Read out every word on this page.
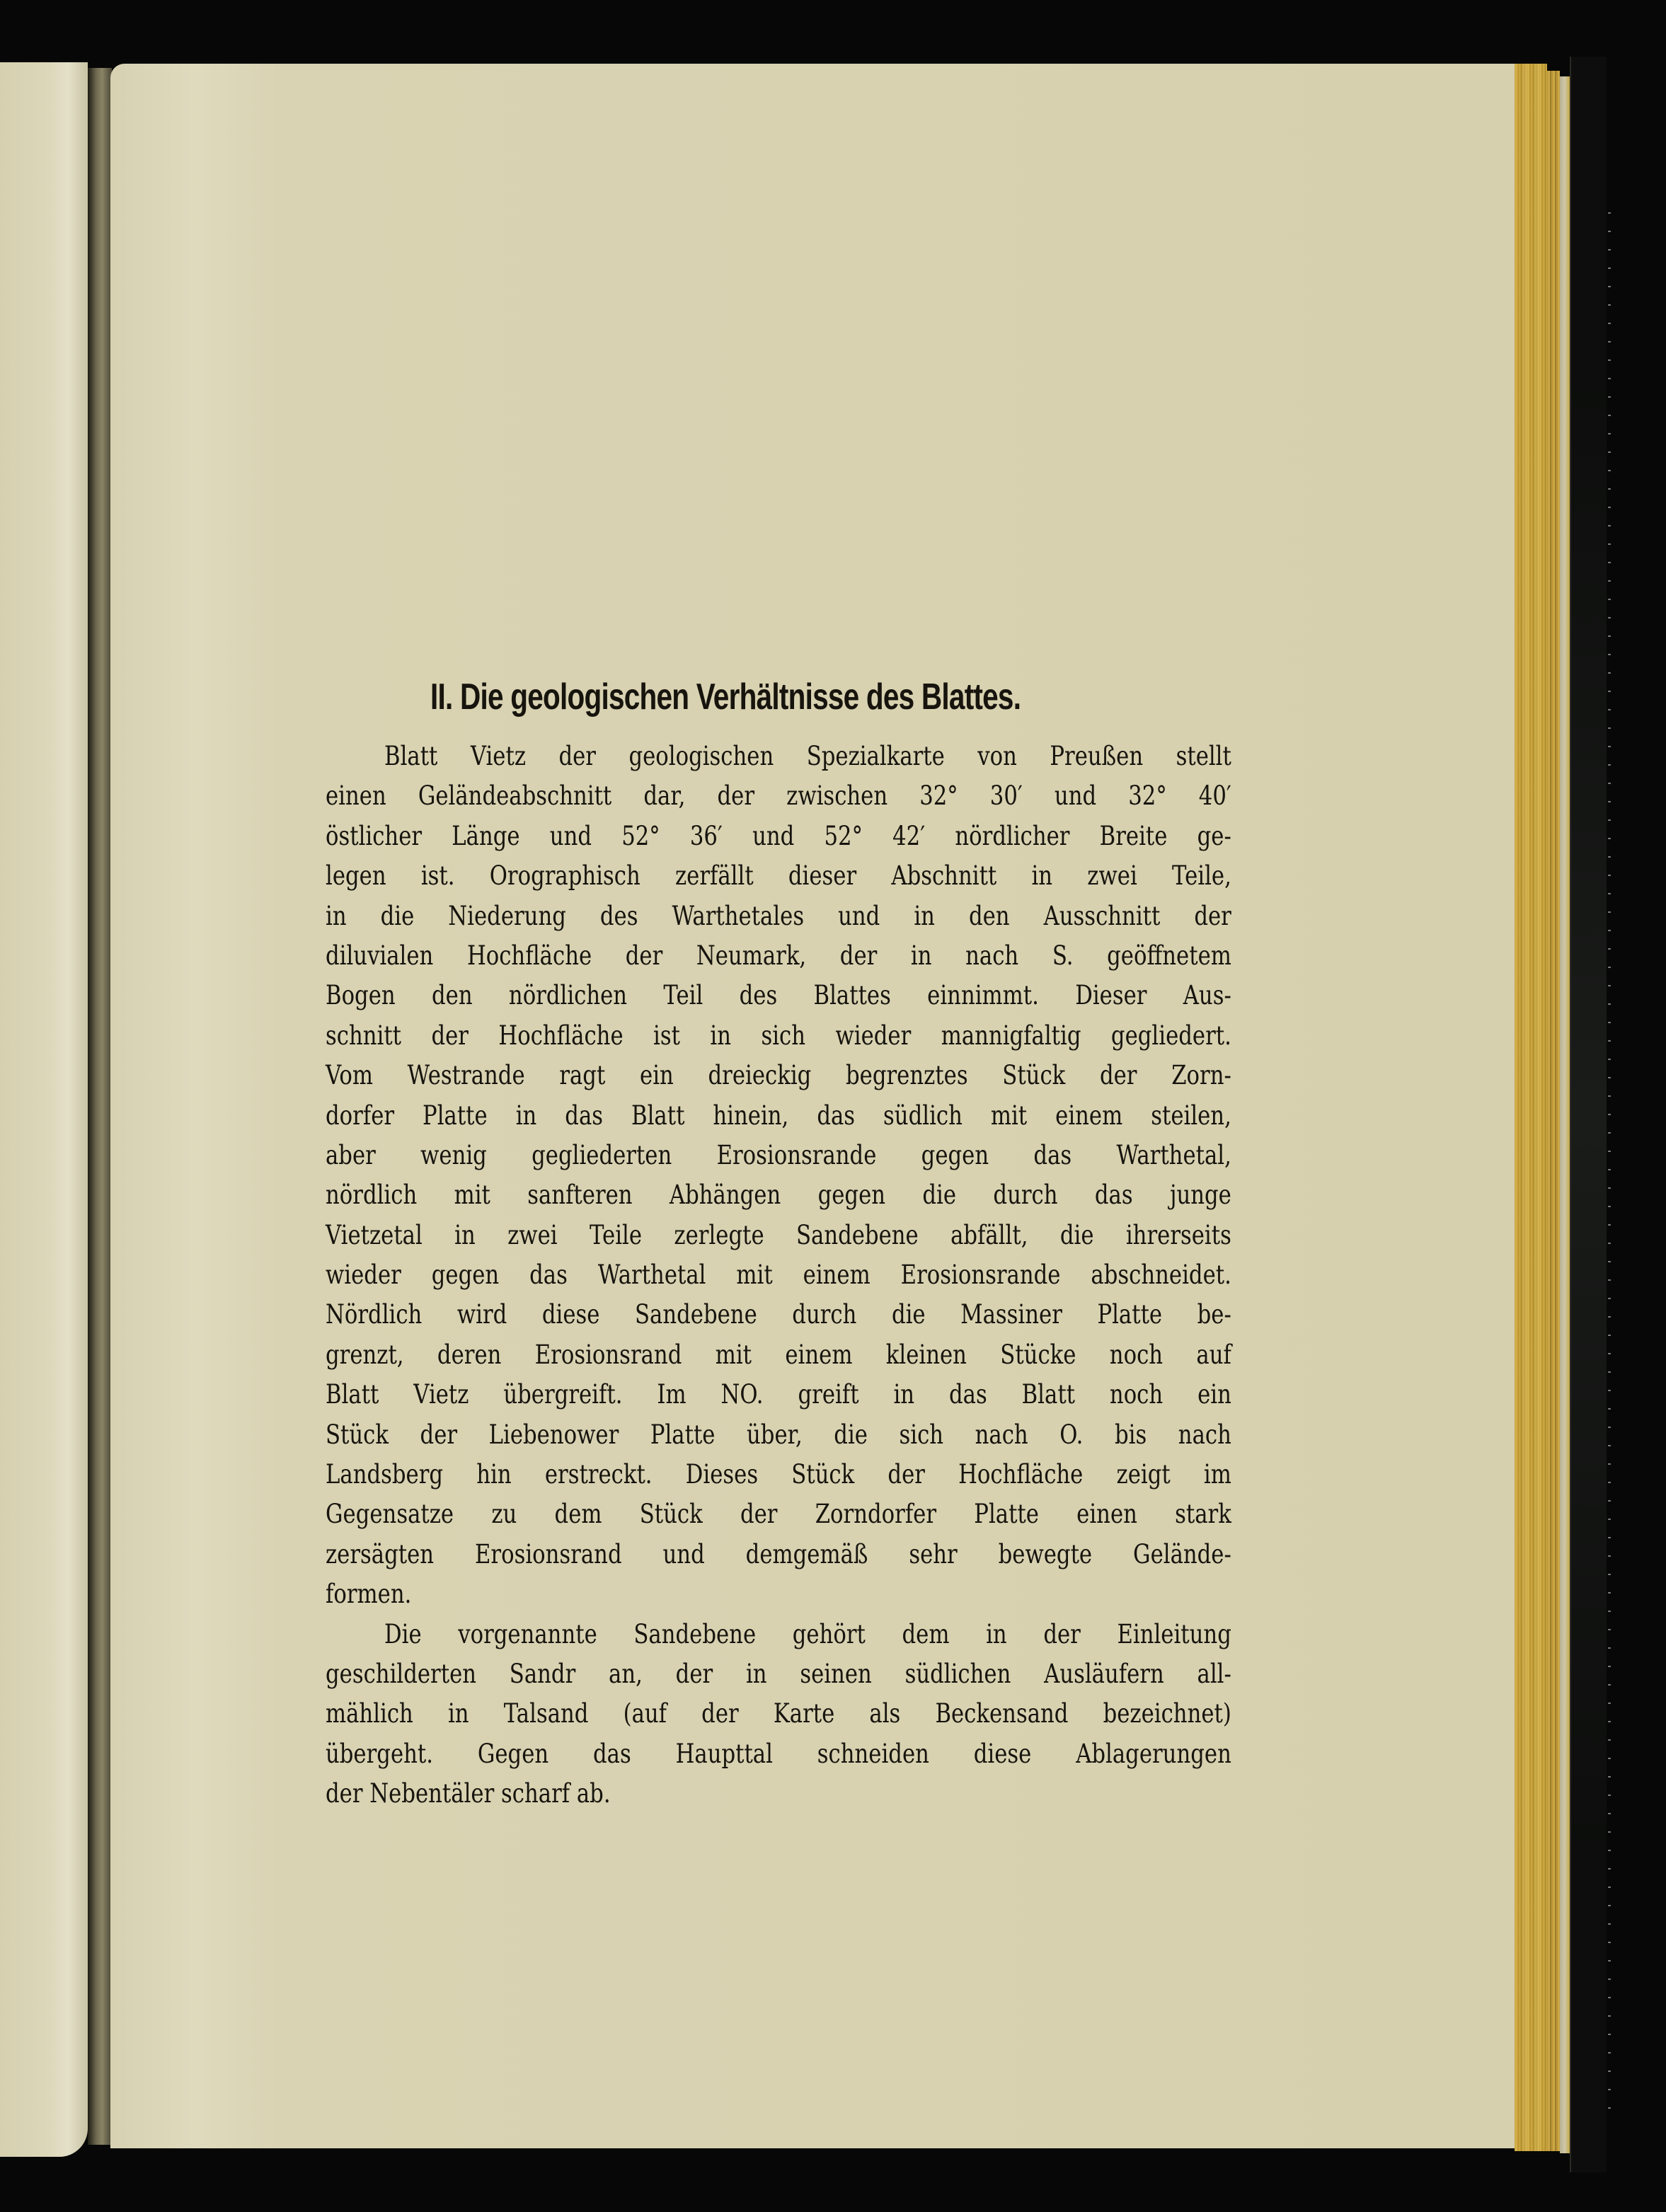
II. Die geologischen Verhältnisse des Blattes.
Blatt Vietz der geologischen Spezialkarte von Preußen stellt
einen Geländeabschnitt dar, der zwischen 32° 30′ und 32° 40′
östlicher Länge und 52° 36′ und 52° 42′ nördlicher Breite ge-
legen ist. Orographisch zerfällt dieser Abschnitt in zwei Teile,
in die Niederung des Warthetales und in den Ausschnitt der
diluvialen Hochfläche der Neumark, der in nach S. geöffnetem
Bogen den nördlichen Teil des Blattes einnimmt. Dieser Aus-
schnitt der Hochfläche ist in sich wieder mannigfaltig gegliedert.
Vom Westrande ragt ein dreieckig begrenztes Stück der Zorn-
dorfer Platte in das Blatt hinein, das südlich mit einem steilen,
aber wenig gegliederten Erosionsrande gegen das Warthetal,
nördlich mit sanfteren Abhängen gegen die durch das junge
Vietzetal in zwei Teile zerlegte Sandebene abfällt, die ihrerseits
wieder gegen das Warthetal mit einem Erosionsrande abschneidet.
Nördlich wird diese Sandebene durch die Massiner Platte be-
grenzt, deren Erosionsrand mit einem kleinen Stücke noch auf
Blatt Vietz übergreift. Im NO. greift in das Blatt noch ein
Stück der Liebenower Platte über, die sich nach O. bis nach
Landsberg hin erstreckt. Dieses Stück der Hochfläche zeigt im
Gegensatze zu dem Stück der Zorndorfer Platte einen stark
zersägten Erosionsrand und demgemäß sehr bewegte Gelände-
formen.
Die vorgenannte Sandebene gehört dem in der Einleitung
geschilderten Sandr an, der in seinen südlichen Ausläufern all-
mählich in Talsand (auf der Karte als Beckensand bezeichnet)
übergeht. Gegen das Haupttal schneiden diese Ablagerungen
der Nebentäler scharf ab.
